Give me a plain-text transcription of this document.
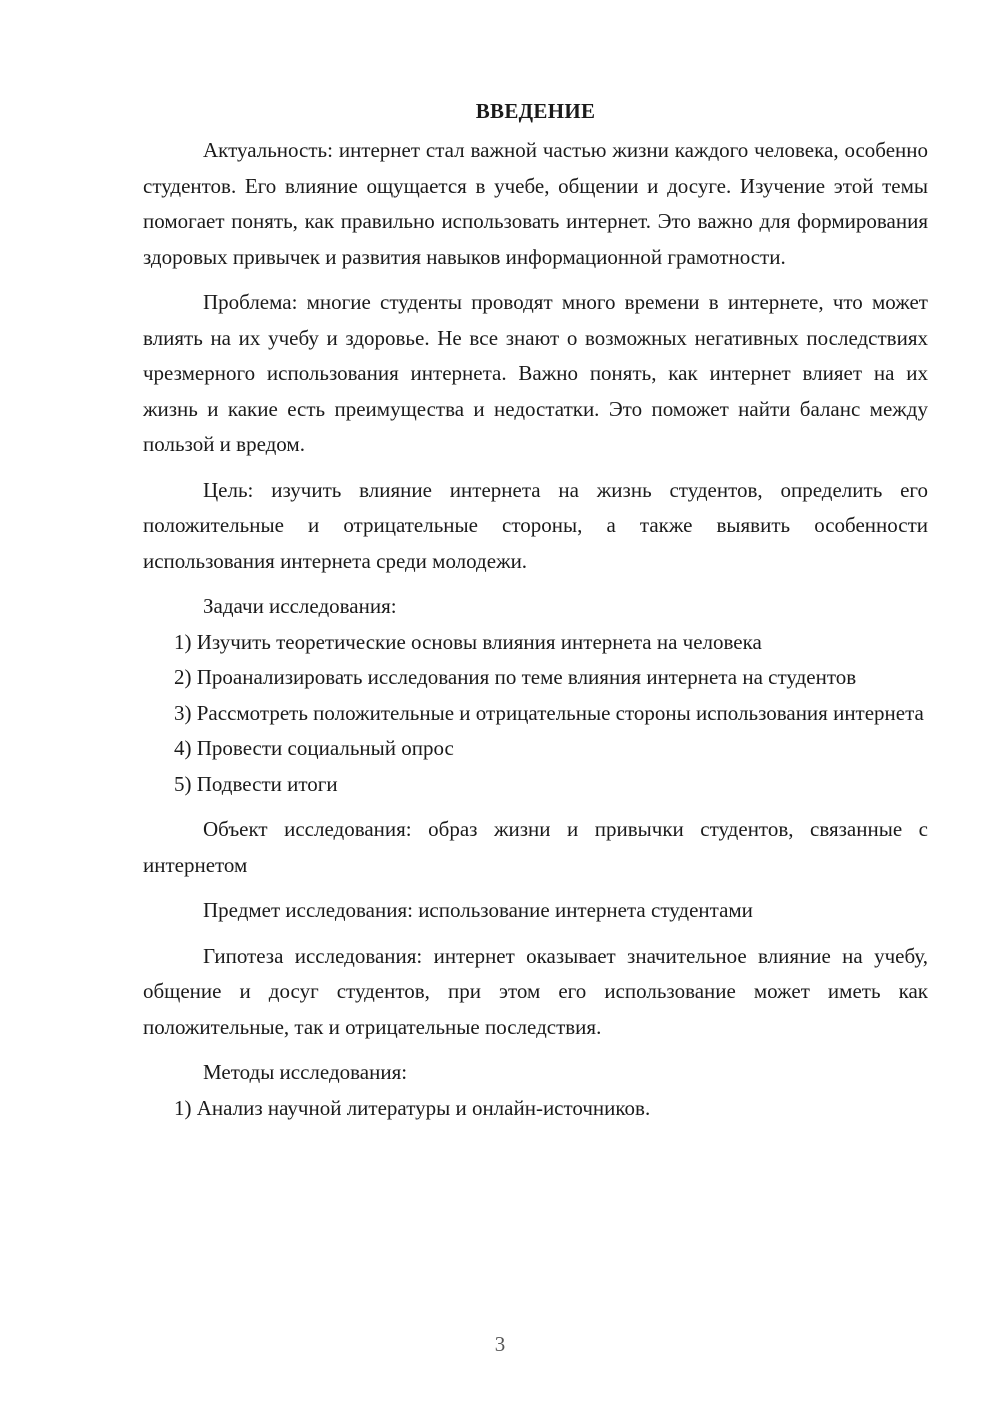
ВВЕДЕНИЕ

Актуальность: интернет стал важной частью жизни каждого человека, особенно студентов. Его влияние ощущается в учебе, общении и досуге. Изучение этой темы помогает понять, как правильно использовать интернет. Это важно для формирования здоровых привычек и развития навыков информационной грамотности.

Проблема: многие студенты проводят много времени в интернете, что может влиять на их учебу и здоровье. Не все знают о возможных негативных последствиях чрезмерного использования интернета. Важно понять, как интернет влияет на их жизнь и какие есть преимущества и недостатки. Это поможет найти баланс между пользой и вредом.

Цель: изучить влияние интернета на жизнь студентов, определить его положительные и отрицательные стороны, а также выявить особенности использования интернета среди молодежи.

Задачи исследования:

1) Изучить теоретические основы влияния интернета на человека

2) Проанализировать исследования по теме влияния интернета на студентов

3) Рассмотреть положительные и отрицательные стороны использования интернета

4) Провести социальный опрос

5) Подвести итоги

Объект исследования: образ жизни и привычки студентов, связанные с интернетом

Предмет исследования: использование интернета студентами

Гипотеза исследования: интернет оказывает значительное влияние на учебу, общение и досуг студентов, при этом его использование может иметь как положительные, так и отрицательные последствия.

Методы исследования:

1) Анализ научной литературы и онлайн-источников.

3
